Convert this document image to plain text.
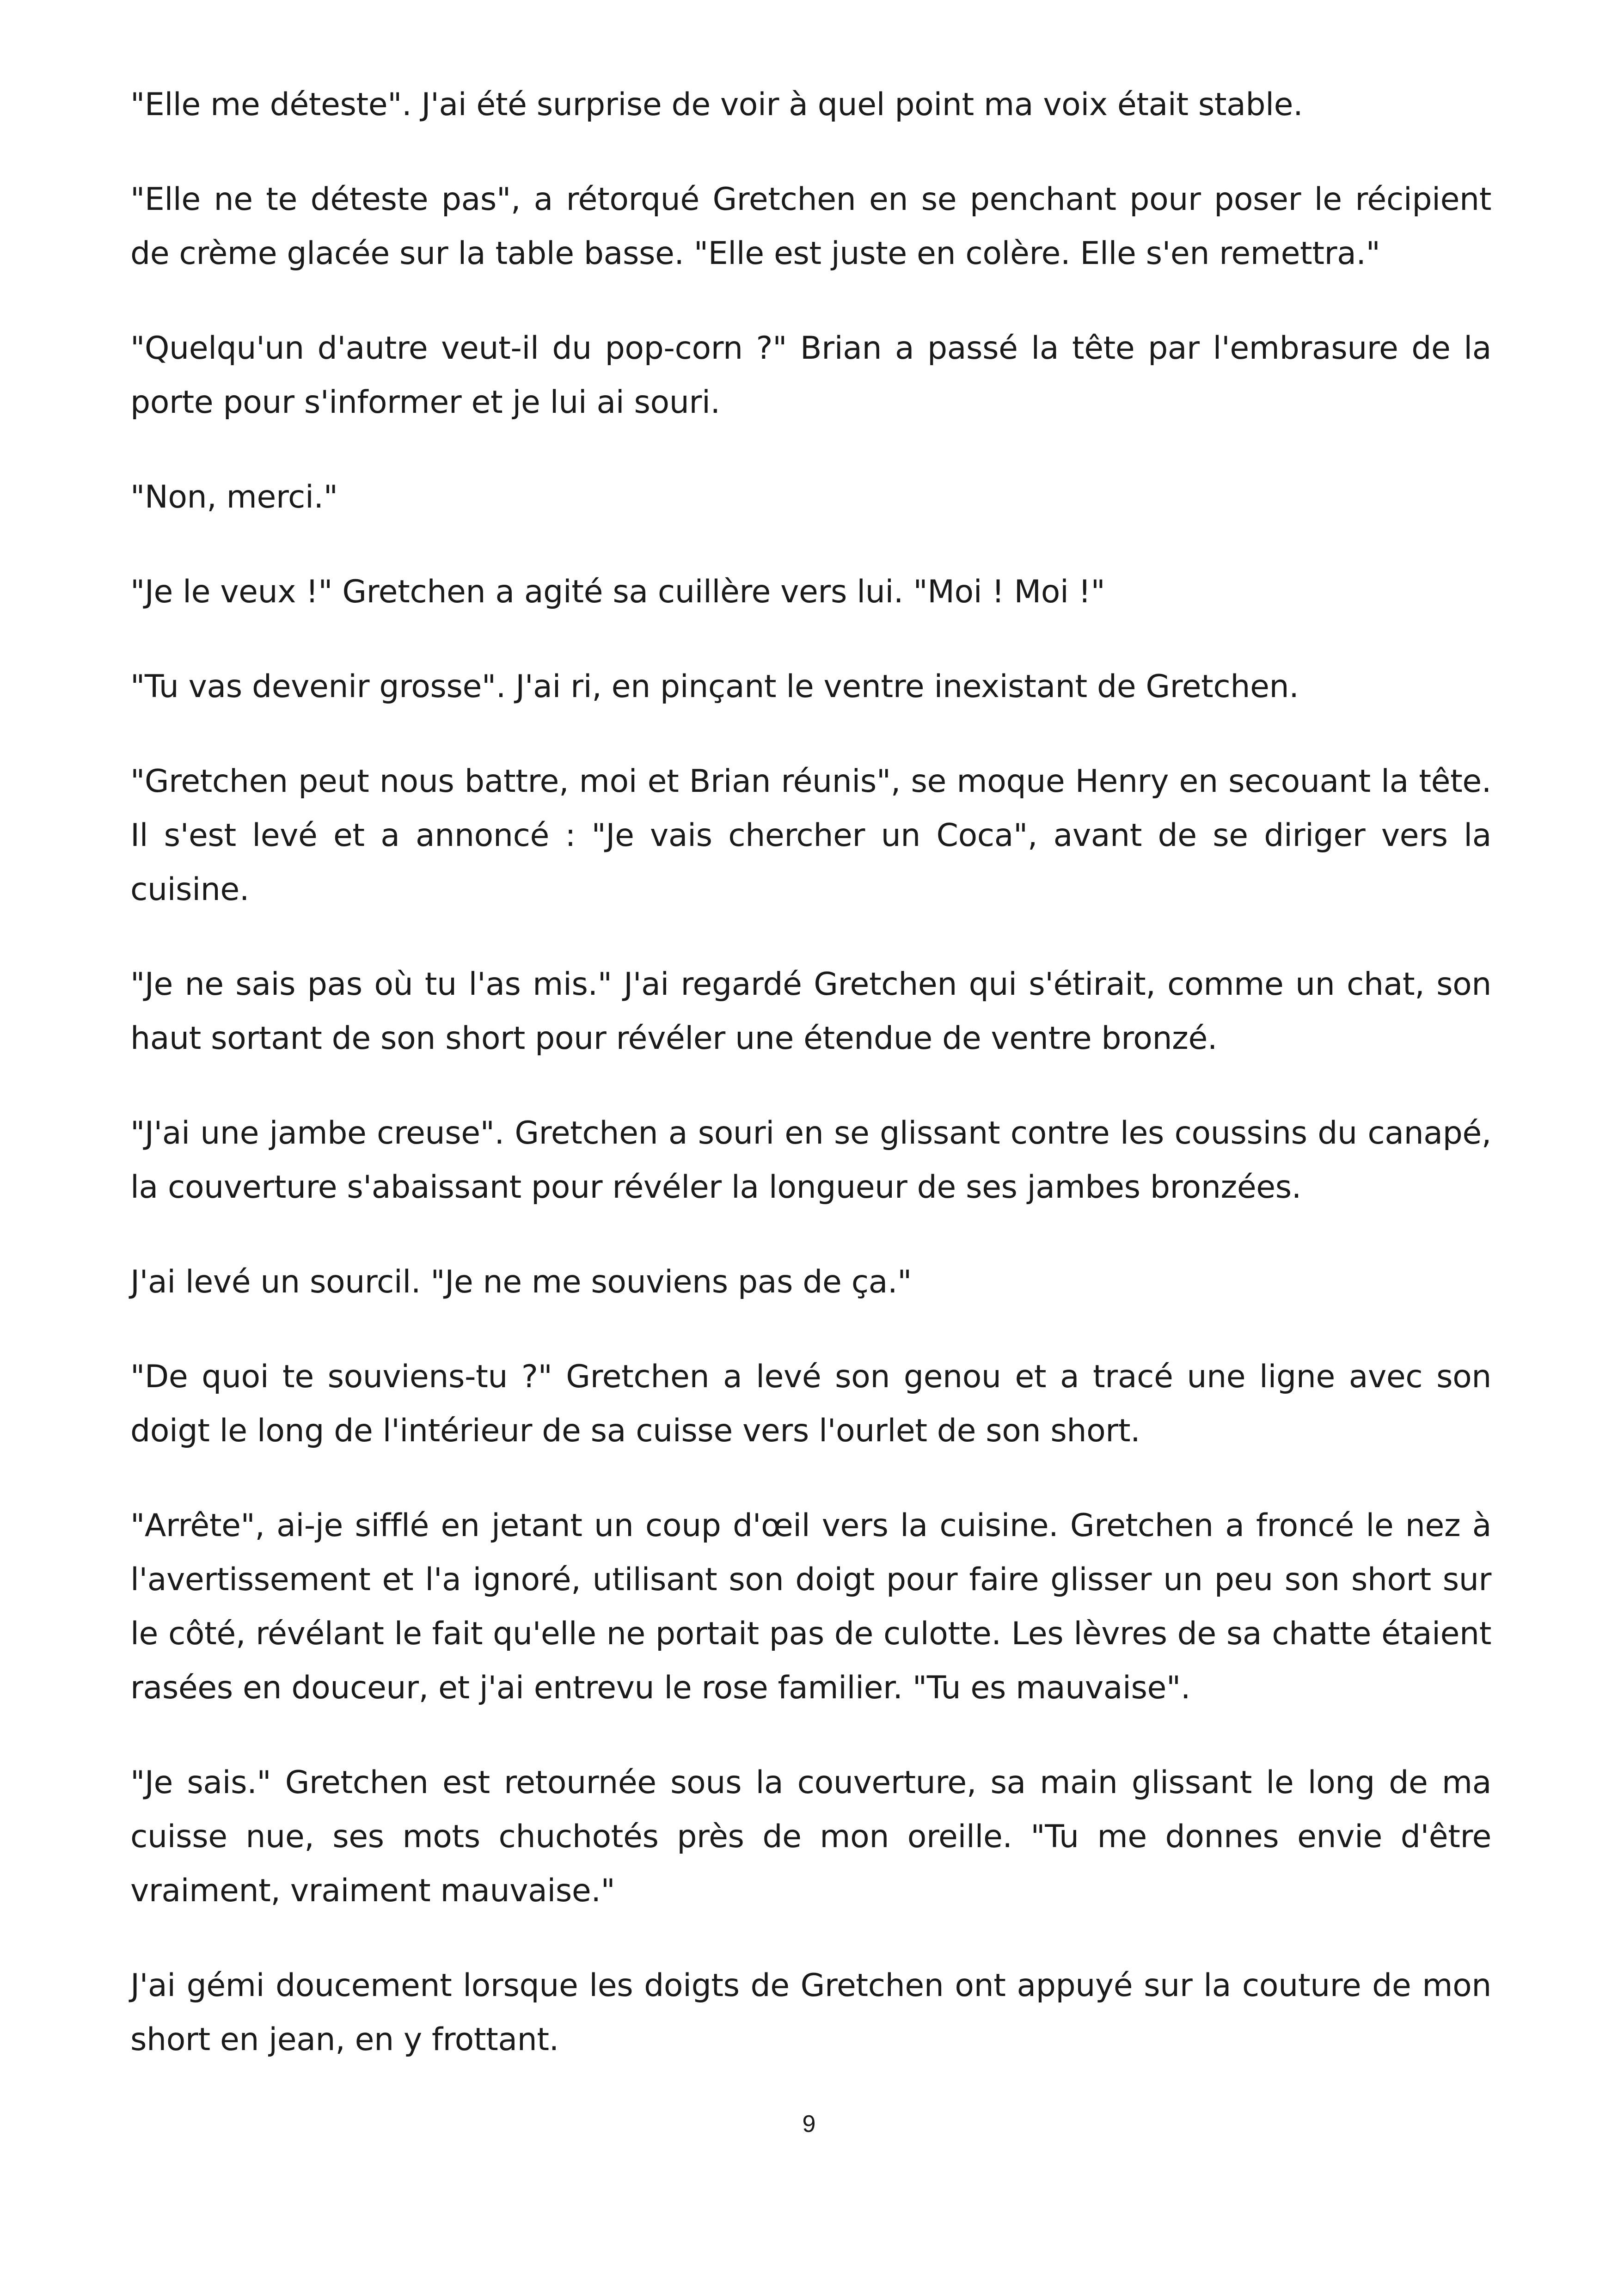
"Elle me déteste". J'ai été surprise de voir à quel point ma voix était stable.

"Elle ne te déteste pas", a rétorqué Gretchen en se penchant pour poser le récipient de crème glacée sur la table basse. "Elle est juste en colère. Elle s'en remettra."

"Quelqu'un d'autre veut-il du pop-corn ?" Brian a passé la tête par l'embrasure de la porte pour s'informer et je lui ai souri.

"Non, merci."

"Je le veux !" Gretchen a agité sa cuillère vers lui. "Moi ! Moi !"

"Tu vas devenir grosse". J'ai ri, en pinçant le ventre inexistant de Gretchen.

"Gretchen peut nous battre, moi et Brian réunis", se moque Henry en secouant la tête. Il s'est levé et a annoncé : "Je vais chercher un Coca", avant de se diriger vers la cuisine.

"Je ne sais pas où tu l'as mis." J'ai regardé Gretchen qui s'étirait, comme un chat, son haut sortant de son short pour révéler une étendue de ventre bronzé.

"J'ai une jambe creuse". Gretchen a souri en se glissant contre les coussins du canapé, la couverture s'abaissant pour révéler la longueur de ses jambes bronzées.

J'ai levé un sourcil. "Je ne me souviens pas de ça."

"De quoi te souviens-tu ?" Gretchen a levé son genou et a tracé une ligne avec son doigt le long de l'intérieur de sa cuisse vers l'ourlet de son short.

"Arrête", ai-je sifflé en jetant un coup d'œil vers la cuisine. Gretchen a froncé le nez à l'avertissement et l'a ignoré, utilisant son doigt pour faire glisser un peu son short sur le côté, révélant le fait qu'elle ne portait pas de culotte. Les lèvres de sa chatte étaient rasées en douceur, et j'ai entrevu le rose familier. "Tu es mauvaise".

"Je sais." Gretchen est retournée sous la couverture, sa main glissant le long de ma cuisse nue, ses mots chuchotés près de mon oreille. "Tu me donnes envie d'être vraiment, vraiment mauvaise."

J'ai gémi doucement lorsque les doigts de Gretchen ont appuyé sur la couture de mon short en jean, en y frottant.

9
